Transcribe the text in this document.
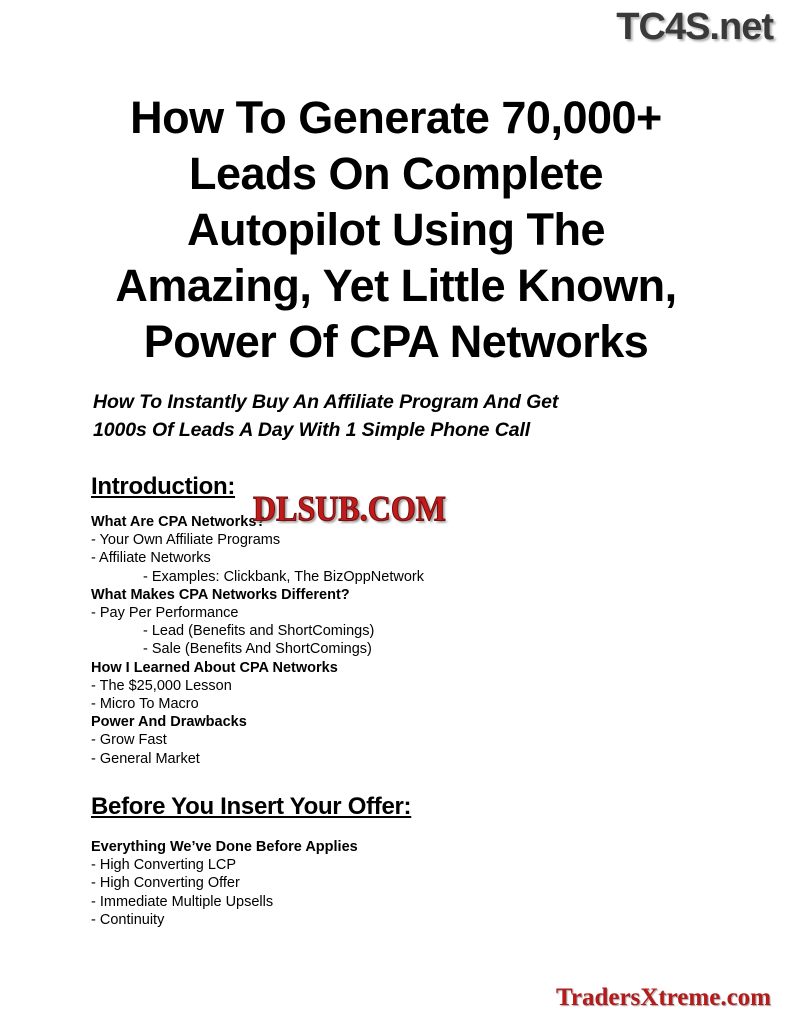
TC4S.net
How To Generate 70,000+
Leads On Complete
Autopilot Using The
Amazing, Yet Little Known,
Power Of CPA Networks
How To Instantly Buy An Affiliate Program And Get
1000s Of Leads A Day With 1 Simple Phone Call
Introduction:
What Are CPA Networks?
- Your Own Affiliate Programs
- Affiliate Networks
- Examples: Clickbank, The BizOppNetwork
What Makes CPA Networks Different?
- Pay Per Performance
- Lead (Benefits and ShortComings)
- Sale (Benefits And ShortComings)
How I Learned About CPA Networks
- The $25,000 Lesson
- Micro To Macro
Power And Drawbacks
- Grow Fast
- General Market
DLSUB.COM
Before You Insert Your Offer:
Everything We’ve Done Before Applies
- High Converting LCP
- High Converting Offer
- Immediate Multiple Upsells
- Continuity
TradersXtreme.com
